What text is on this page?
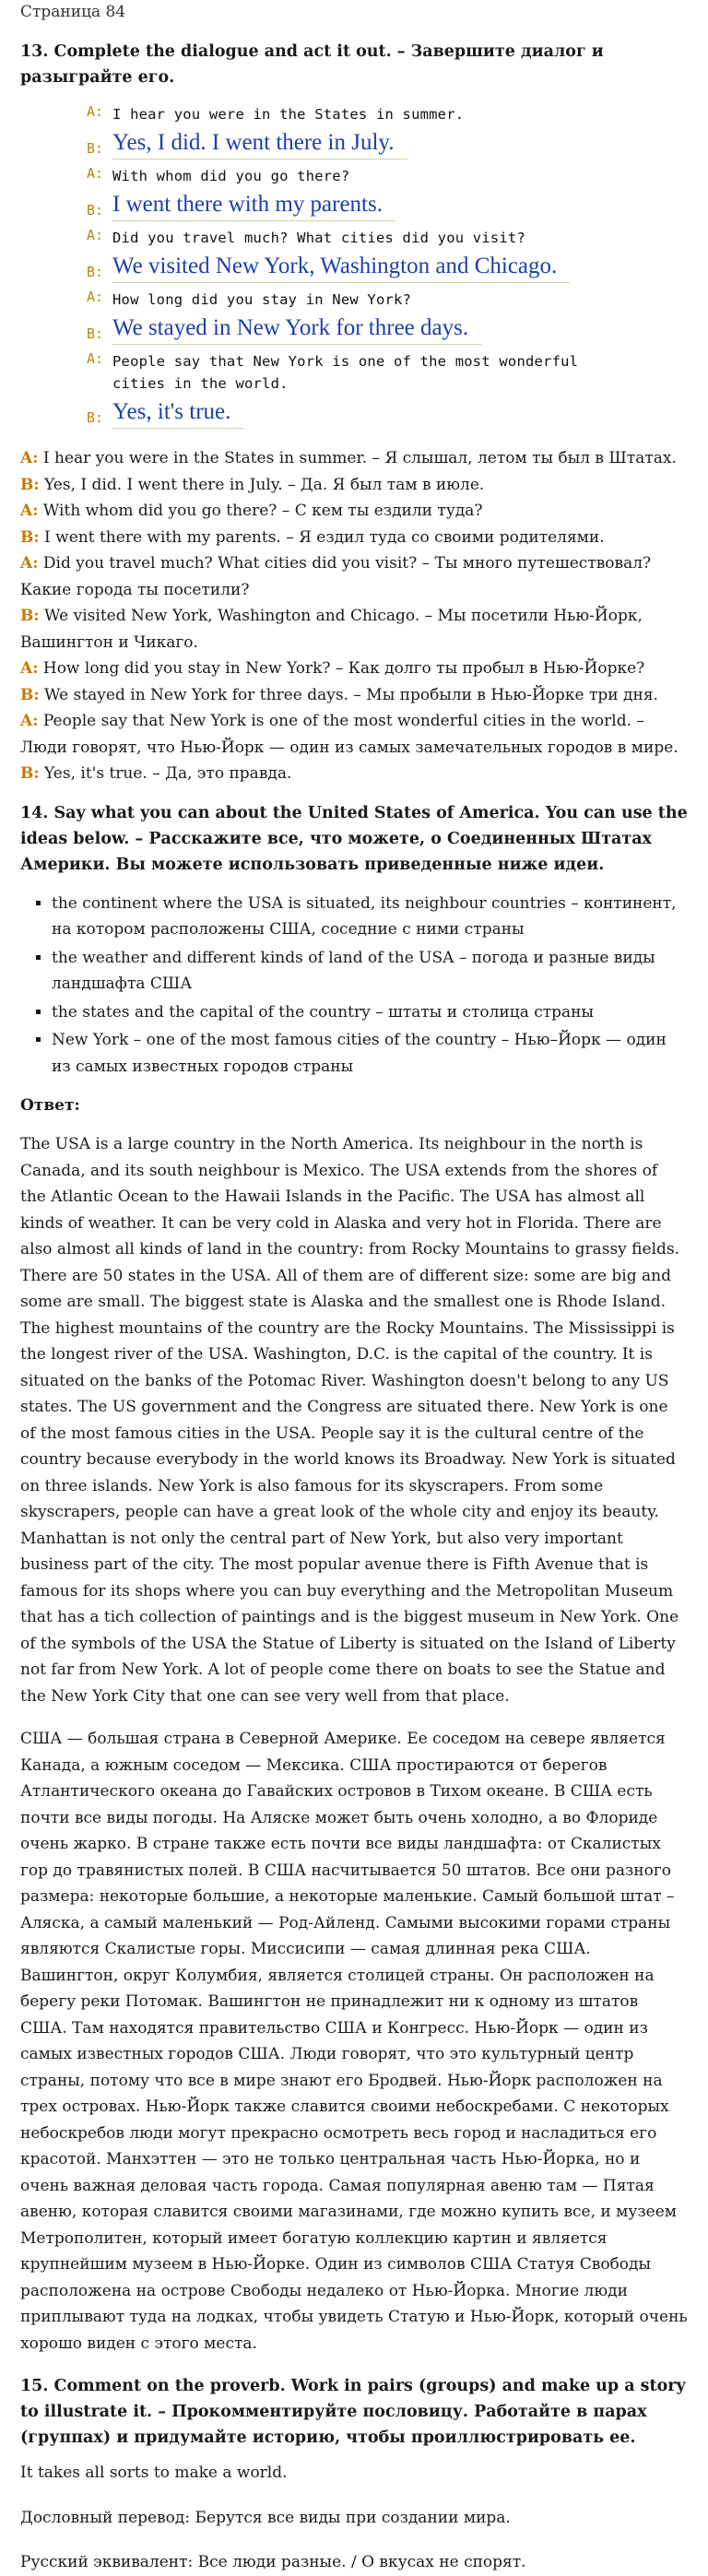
Страница 84
13. Complete the dialogue and act it out. – Завершите диалог и разыграйте его.
A: I hear you were in the States in summer.
B: Yes, I did. I went there in July.
A: With whom did you go there?
B: I went there with my parents.
A: Did you travel much? What cities did you visit?
B: We visited New York, Washington and Chicago.
A: How long did you stay in New York?
B: We stayed in New York for three days.
A: People say that New York is one of the most wonderful cities in the world.
B: Yes, it's true.

A: I hear you were in the States in summer. – Я слышал, летом ты был в Штатах.

B: Yes, I did. I went there in July. – Да. Я был там в июле.

A: With whom did you go there? – С кем ты ездили туда?

B: I went there with my parents. – Я ездил туда со своими родителями.

A: Did you travel much? What cities did you visit? – Ты много путешествовал? Какие города ты посетили?

B: We visited New York, Washington and Chicago. – Мы посетили Нью-Йорк, Вашингтон и Чикаго.

A: How long did you stay in New York? – Как долго ты пробыл в Нью-Йорке?

B: We stayed in New York for three days. – Мы пробыли в Нью-Йорке три дня.

A: People say that New York is one of the most wonderful cities in the world. – Люди говорят, что Нью-Йорк — один из самых замечательных городов в мире.

B: Yes, it's true. – Да, это правда.

14. Say what you can about the United States of America. You can use the ideas below. – Расскажите все, что можете, о Соединенных Штатах Америки. Вы можете использовать приведенные ниже идеи.
▪ the continent where the USA is situated, its neighbour countries – континент, на котором расположены США, соседние с ними страны
▪ the weather and different kinds of land of the USA – погода и разные виды ландшафта США
▪ the states and the capital of the country – штаты и столица страны
▪ New York – one of the most famous cities of the country – Нью–Йорк — один из самых известных городов страны
Ответ:

The USA is a large country in the North America. Its neighbour in the north is Canada, and its south neighbour is Mexico. The USA extends from the shores of the Atlantic Ocean to the Hawaii Islands in the Pacific. The USA has almost all kinds of weather. It can be very cold in Alaska and very hot in Florida. There are also almost all kinds of land in the country: from Rocky Mountains to grassy fields. There are 50 states in the USA. All of them are of different size: some are big and some are small. The biggest state is Alaska and the smallest one is Rhode Island. The highest mountains of the country are the Rocky Mountains. The Mississippi is the longest river of the USA. Washington, D.C. is the capital of the country. It is situated on the banks of the Potomac River. Washington doesn't belong to any US states. The US government and the Congress are situated there. New York is one of the most famous cities in the USA. People say it is the cultural centre of the country because everybody in the world knows its Broadway. New York is situated on three islands. New York is also famous for its skyscrapers. From some skyscrapers, people can have a great look of the whole city and enjoy its beauty. Manhattan is not only the central part of New York, but also very important business part of the city. The most popular avenue there is Fifth Avenue that is famous for its shops where you can buy everything and the Metropolitan Museum that has a tich collection of paintings and is the biggest museum in New York. One of the symbols of the USA the Statue of Liberty is situated on the Island of Liberty not far from New York. A lot of people come there on boats to see the Statue and the New York City that one can see very well from that place.

США — большая страна в Северной Америке. Ее соседом на севере является Канада, а южным соседом — Мексика. США простираются от берегов Атлантического океана до Гавайских островов в Тихом океане. В США есть почти все виды погоды. На Аляске может быть очень холодно, а во Флориде очень жарко. В стране также есть почти все виды ландшафта: от Скалистых гор до травянистых полей. В США насчитывается 50 штатов. Все они разного размера: некоторые большие, а некоторые маленькие. Самый большой штат – Аляска, а самый маленький — Род-Айленд. Самыми высокими горами страны являются Скалистые горы. Миссисипи — самая длинная река США. Вашингтон, округ Колумбия, является столицей страны. Он расположен на берегу реки Потомак. Вашингтон не принадлежит ни к одному из штатов США. Там находятся правительство США и Конгресс. Нью-Йорк — один из самых известных городов США. Люди говорят, что это культурный центр страны, потому что все в мире знают его Бродвей. Нью-Йорк расположен на трех островах. Нью-Йорк также славится своими небоскребами. С некоторых небоскребов люди могут прекрасно осмотреть весь город и насладиться его красотой. Манхэттен — это не только центральная часть Нью-Йорка, но и очень важная деловая часть города. Самая популярная авеню там — Пятая авеню, которая славится своими магазинами, где можно купить все, и музеем Метрополитен, который имеет богатую коллекцию картин и является крупнейшим музеем в Нью-Йорке. Один из символов США Статуя Свободы расположена на острове Свободы недалеко от Нью-Йорка. Многие люди приплывают туда на лодках, чтобы увидеть Статую и Нью-Йорк, который очень хорошо виден с этого места.

15. Comment on the proverb. Work in pairs (groups) and make up a story to illustrate it. – Прокомментируйте пословицу. Работайте в парах (группах) и придумайте историю, чтобы проиллюстрировать ее.

It takes all sorts to make a world.

Дословный перевод: Берутся все виды при создании мира.

Русский эквивалент: Все люди разные. / О вкусах не спорят.
